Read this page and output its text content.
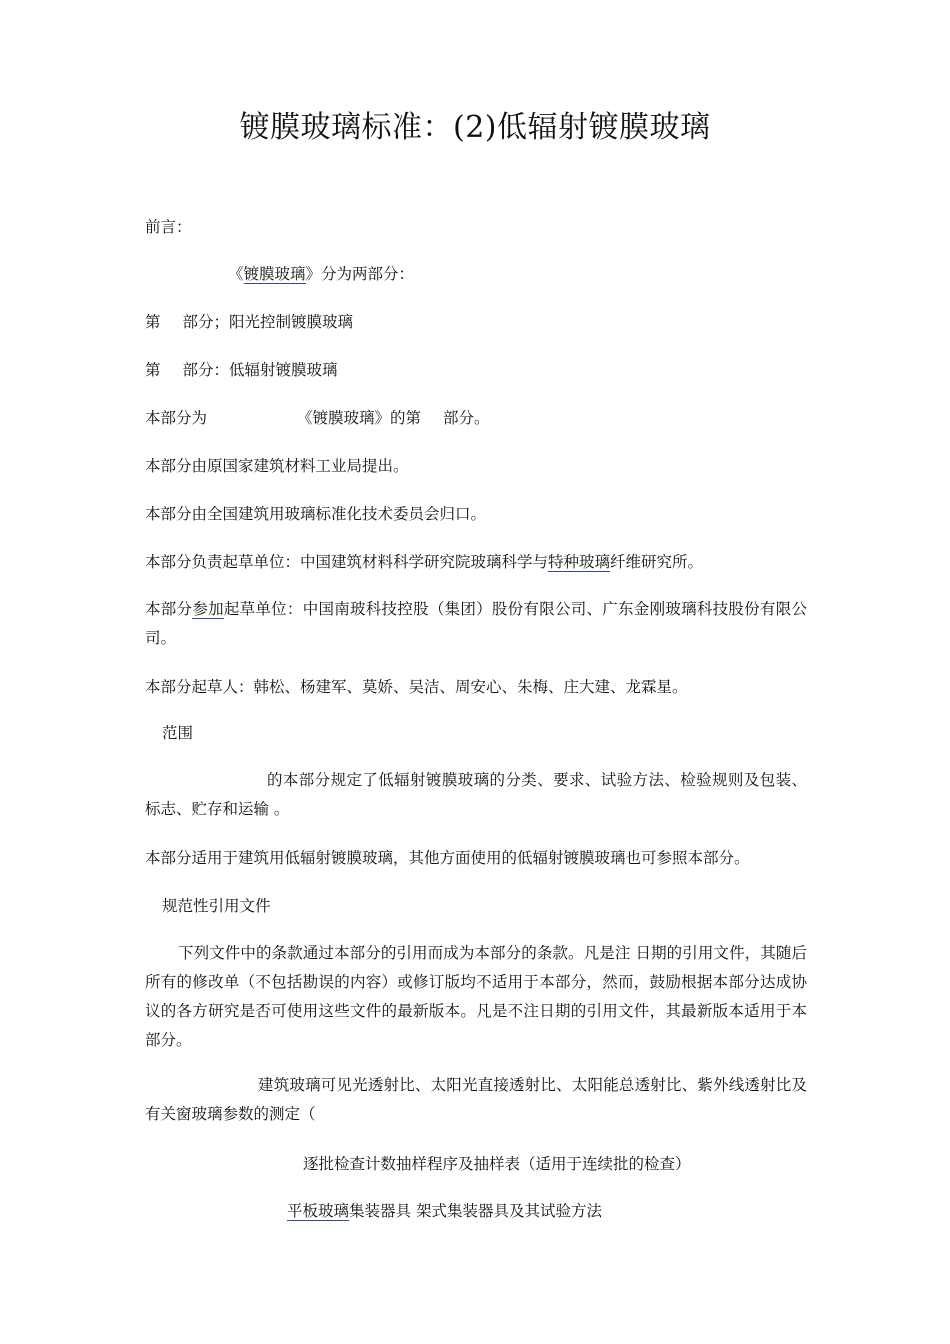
镀膜玻璃标准：(2)低辐射镀膜玻璃
前言：
《镀膜玻璃》分为两部分：
第 部分；阳光控制镀膜玻璃
第 部分：低辐射镀膜玻璃
本部分为	《镀膜玻璃》的第 部分。
本部分由原国家建筑材料工业局提出。
本部分由全国建筑用玻璃标准化技术委员会归口。
本部分负责起草单位：中国建筑材料科学研究院玻璃科学与特种玻璃纤维研究所。
本部分参加起草单位：中国南玻科技控股（集团）股份有限公司、广东金刚玻璃科技股份有限公司。
本部分起草人：韩松、杨建军、莫娇、吴洁、周安心、朱梅、庄大建、龙霖星。
范围
的本部分规定了低辐射镀膜玻璃的分类、要求、试验方法、检验规则及包装、标志、贮存和运输 。
本部分适用于建筑用低辐射镀膜玻璃，其他方面使用的低辐射镀膜玻璃也可参照本部分。
规范性引用文件
下列文件中的条款通过本部分的引用而成为本部分的条款。凡是注 日期的引用文件，其随后所有的修改单（不包括勘误的内容）或修订版均不适用于本部分，然而，鼓励根据本部分达成协议的各方研究是否可使用这些文件的最新版本。凡是不注日期的引用文件，其最新版本适用于本部分。
建筑玻璃可见光透射比、太阳光直接透射比、太阳能总透射比、紫外线透射比及有关窗玻璃参数的测定（
逐批检查计数抽样程序及抽样表（适用于连续批的检查）
平板玻璃集装器具 架式集装器具及其试验方法
